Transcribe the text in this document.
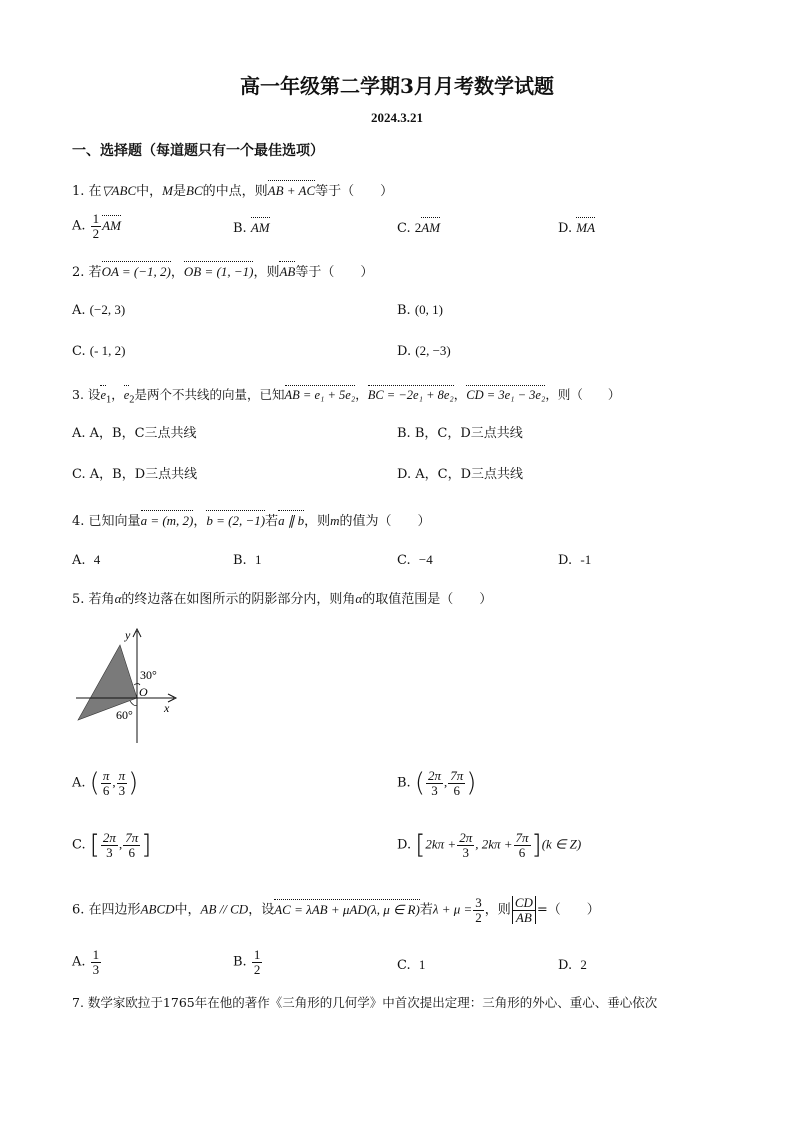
高一年级第二学期3月月考数学试题
2024.3.21
一、选择题（每道题只有一个最佳选项）
1. 在▽ABC中，M是BC的中点，则AB + AC等于（　　）
A. $\frac{1}{2}$ AM	B. AM	C. 2AM	D. MA
2. 若OA = (−1, 2)，OB = (1, −1)，则AB等于（　　）
A. (−2, 3)	B. (0, 1)
C. (- 1, 2)	D. (2, −3)
3. 设$e_1$，$e_2$是两个不共线的向量，已知AB = e₁ + 5e₂，BC = −2e₁ + 8e₂，CD = 3e₁ − 3e₂，则（　　）
A. A，B，C三点共线	B. B，C，D三点共线
C. A，B，D三点共线	D. A，C，D三点共线
4. 已知向量a = (m, 2)，b = (2, −1)若a ∥ b，则m的值为（　　）
A. 4	B. 1	C. −4	D. -1
5. 若角α的终边落在如图所示的阴影部分内，则角α的取值范围是（　　）
y
x
O
30°
60°
A. ( $\frac{\pi}{6}$ , $\frac{\pi}{3}$ )	B. ( $\frac{2\pi}{3}$ , $\frac{7\pi}{6}$ )
C. [ $\frac{2\pi}{3}$ , $\frac{7\pi}{6}$ ]	D. [$2k\pi + \frac{2\pi}{3}$ , $2k\pi + \frac{7\pi}{6} ](k$ ∈ Z)
6. 在四边形ABCD中，AB // CD，设AC = λAB + μAD(λ, μ ∈ R)若$\lambda + \mu = \frac{3}{2}$ ，则 $\frac{CD}{AB}$ =（　　）
A. $\frac{1}{3}$	B. $\frac{1}{2}$	C. 1	D. 2
7. 数学家欧拉于1765年在他的著作《三角形的几何学》中首次提出定理：三角形的外心、重心、垂心依次
